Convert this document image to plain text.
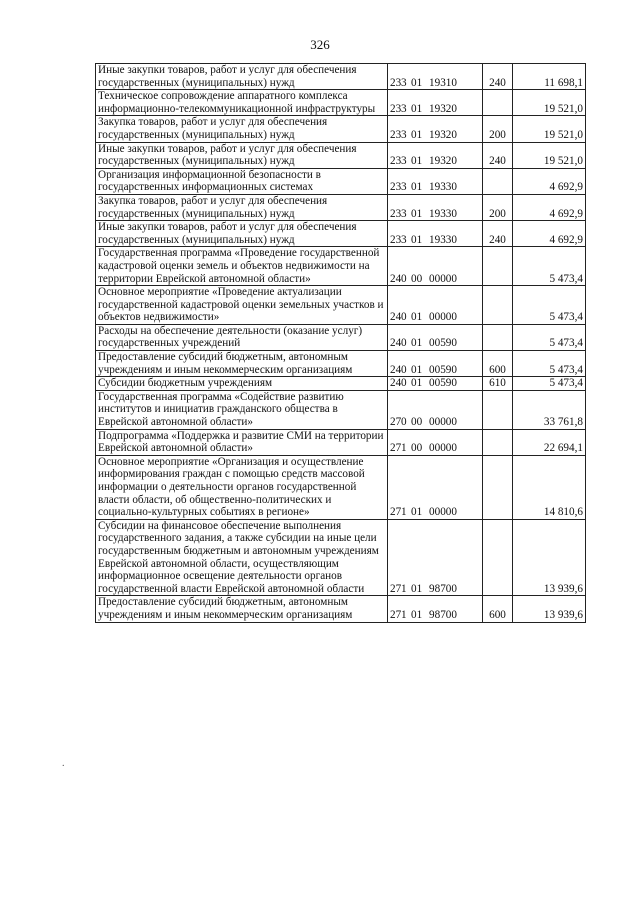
326
Иные закупки товаров, работ и услуг для обеспечения государственных (муниципальных) нужд	233 01 19310	240	11 698,1
Техническое сопровождение аппаратного комплекса информационно-телекоммуникационной инфраструктуры	233 01 19320		19 521,0
Закупка товаров, работ и услуг для обеспечения государственных (муниципальных) нужд	233 01 19320	200	19 521,0
Иные закупки товаров, работ и услуг для обеспечения государственных (муниципальных) нужд	233 01 19320	240	19 521,0
Организация информационной безопасности в государственных информационных системах	233 01 19330		4 692,9
Закупка товаров, работ и услуг для обеспечения государственных (муниципальных) нужд	233 01 19330	200	4 692,9
Иные закупки товаров, работ и услуг для обеспечения государственных (муниципальных) нужд	233 01 19330	240	4 692,9
Государственная программа «Проведение государственной кадастровой оценки земель и объектов недвижимости на территории Еврейской автономной области»	240 00 00000		5 473,4
Основное мероприятие «Проведение актуализации государственной кадастровой оценки земельных участков и объектов недвижимости»	240 01 00000		5 473,4
Расходы на обеспечение деятельности (оказание услуг) государственных учреждений	240 01 00590		5 473,4
Предоставление субсидий бюджетным, автономным учреждениям и иным некоммерческим организациям	240 01 00590	600	5 473,4
Субсидии бюджетным учреждениям	240 01 00590	610	5 473,4
Государственная программа «Содействие развитию институтов и инициатив гражданского общества в Еврейской автономной области»	270 00 00000		33 761,8
Подпрограмма «Поддержка и развитие СМИ на территории Еврейской автономной области»	271 00 00000		22 694,1
Основное мероприятие «Организация и осуществление информирования граждан с помощью средств массовой информации о деятельности органов государственной власти области, об общественно-политических и социально-культурных событиях в регионе»	271 01 00000		14 810,6
Субсидии на финансовое обеспечение выполнения государственного задания, а также субсидии на иные цели государственным бюджетным и автономным учреждениям Еврейской автономной области, осуществляющим информационное освещение деятельности органов государственной власти Еврейской автономной области	271 01 98700		13 939,6
Предоставление субсидий бюджетным, автономным учреждениям и иным некоммерческим организациям	271 01 98700	600	13 939,6
.
